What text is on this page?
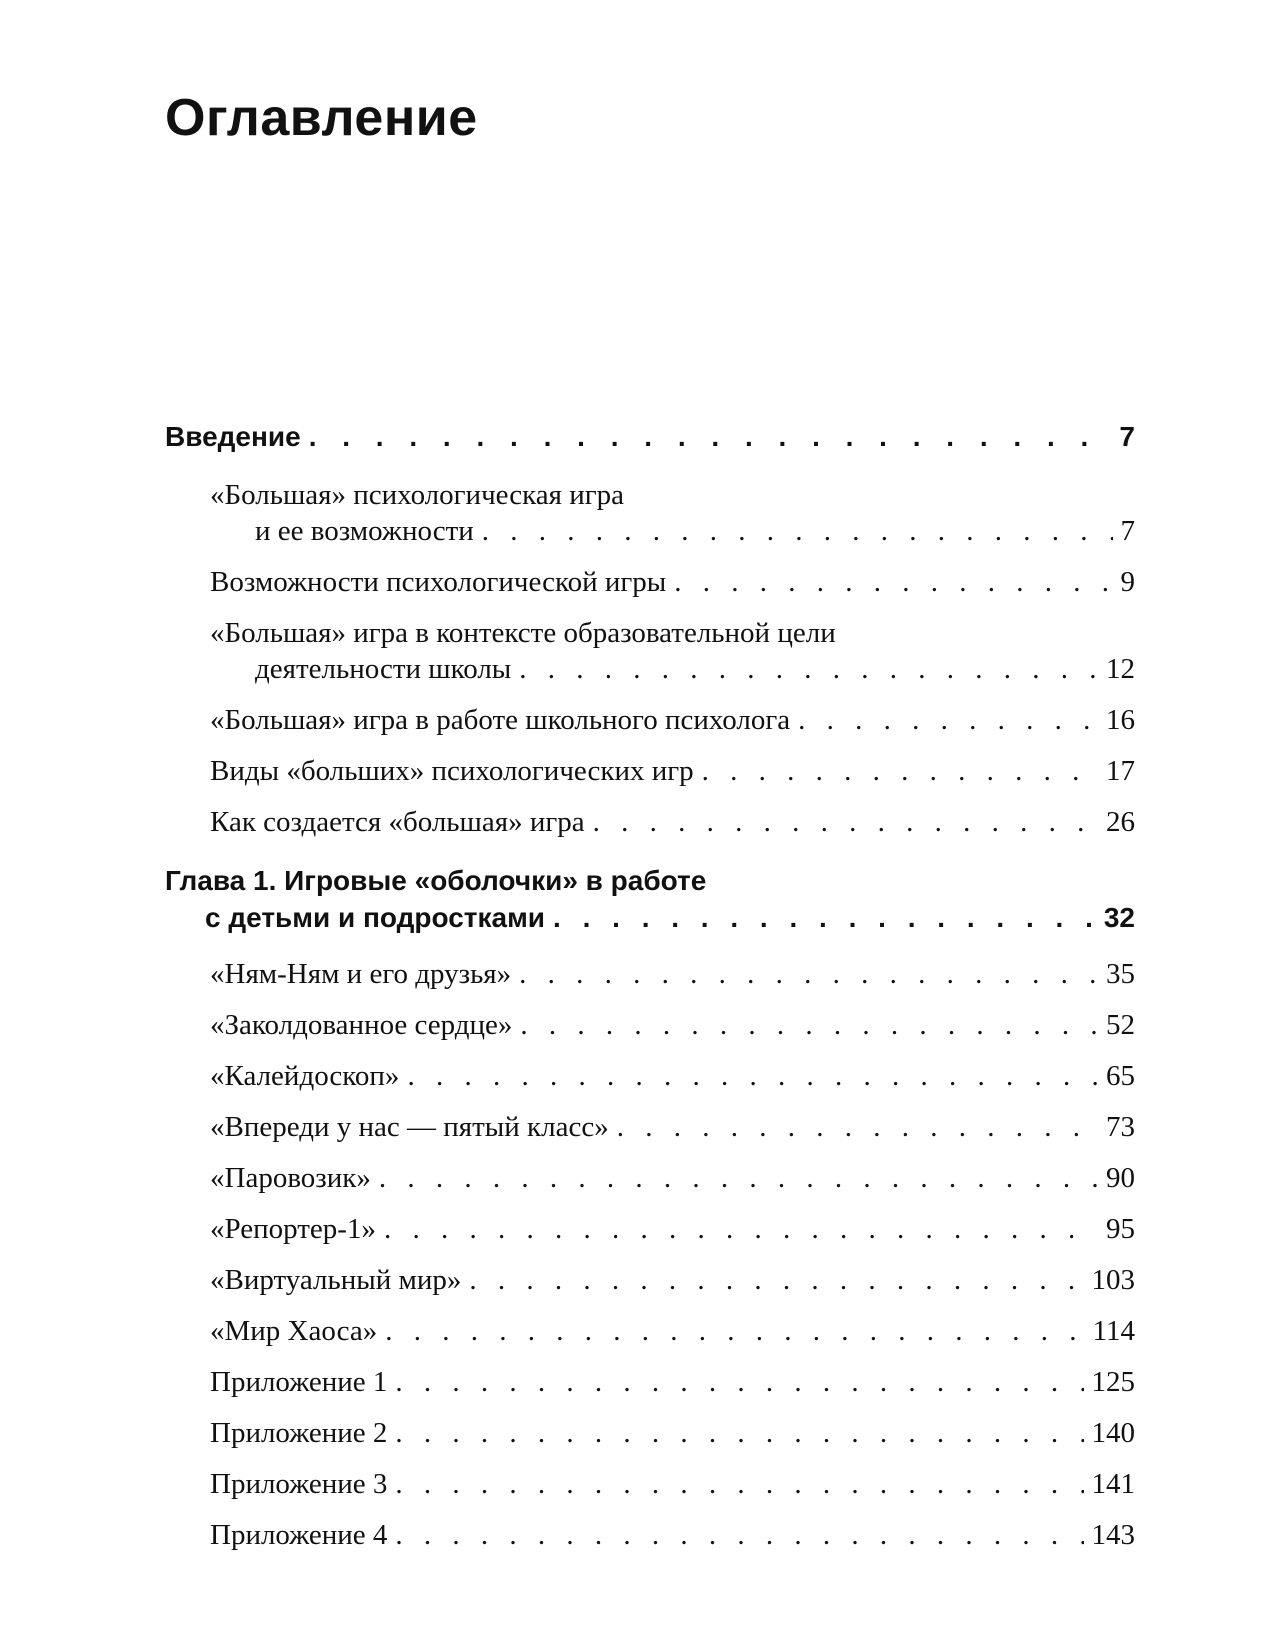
Оглавление
Введение . . .	7
«Большая» психологическая игра
и ее возможности . . .	7
Возможности психологической игры . . .	9
«Большая» игра в контексте образовательной цели
деятельности школы . . .	12
«Большая» игра в работе школьного психолога . . .	16
Виды «больших» психологических игр . . .	17
Как создается «большая» игра . . .	26
Глава 1. Игровые «оболочки» в работе
с детьми и подростками . . .	32
«Ням-Ням и его друзья» . . .	35
«Заколдованное сердце» . . .	52
«Калейдоскоп» . . .	65
«Впереди у нас — пятый класс» . . .	73
«Паровозик» . . .	90
«Репортер-1» . . .	95
«Виртуальный мир» . . .	103
«Мир Хаоса» . . .	114
Приложение 1 . . .	125
Приложение 2 . . .	140
Приложение 3 . . .	141
Приложение 4 . . .	143
